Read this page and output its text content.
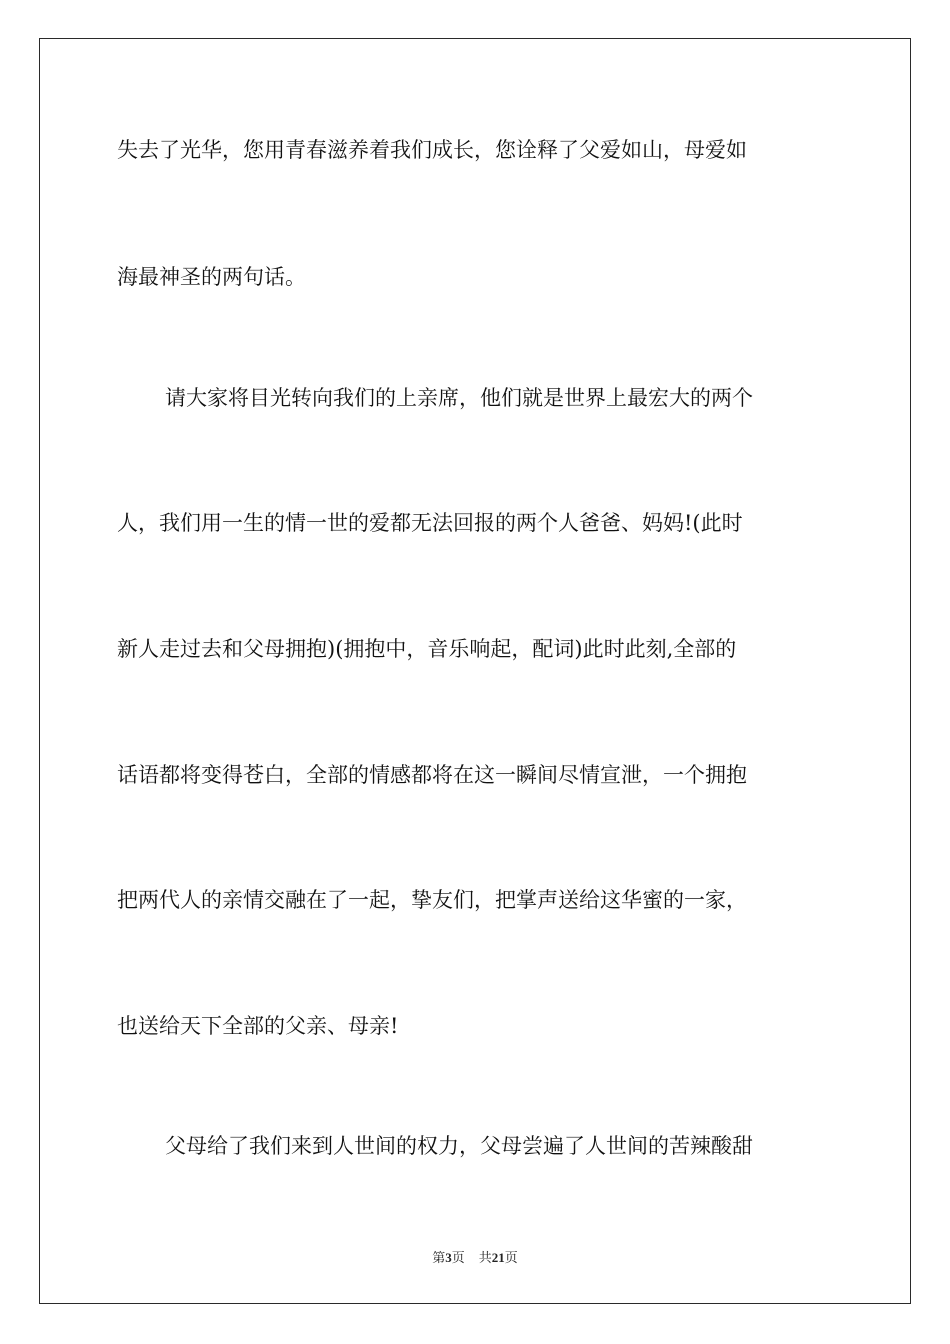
失去了光华，您用青春滋养着我们成长，您诠释了父爱如山，母爱如
海最神圣的两句话。
请大家将目光转向我们的上亲席，他们就是世界上最宏大的两个
人，我们用一生的情一世的爱都无法回报的两个人爸爸、妈妈!(此时
新人走过去和父母拥抱)(拥抱中，音乐响起，配词)此时此刻,全部的
话语都将变得苍白，全部的情感都将在这一瞬间尽情宣泄，一个拥抱
把两代人的亲情交融在了一起，挚友们，把掌声送给这华蜜的一家，
也送给天下全部的父亲、母亲!
父母给了我们来到人世间的权力，父母尝遍了人世间的苦辣酸甜
第3页 共21页
